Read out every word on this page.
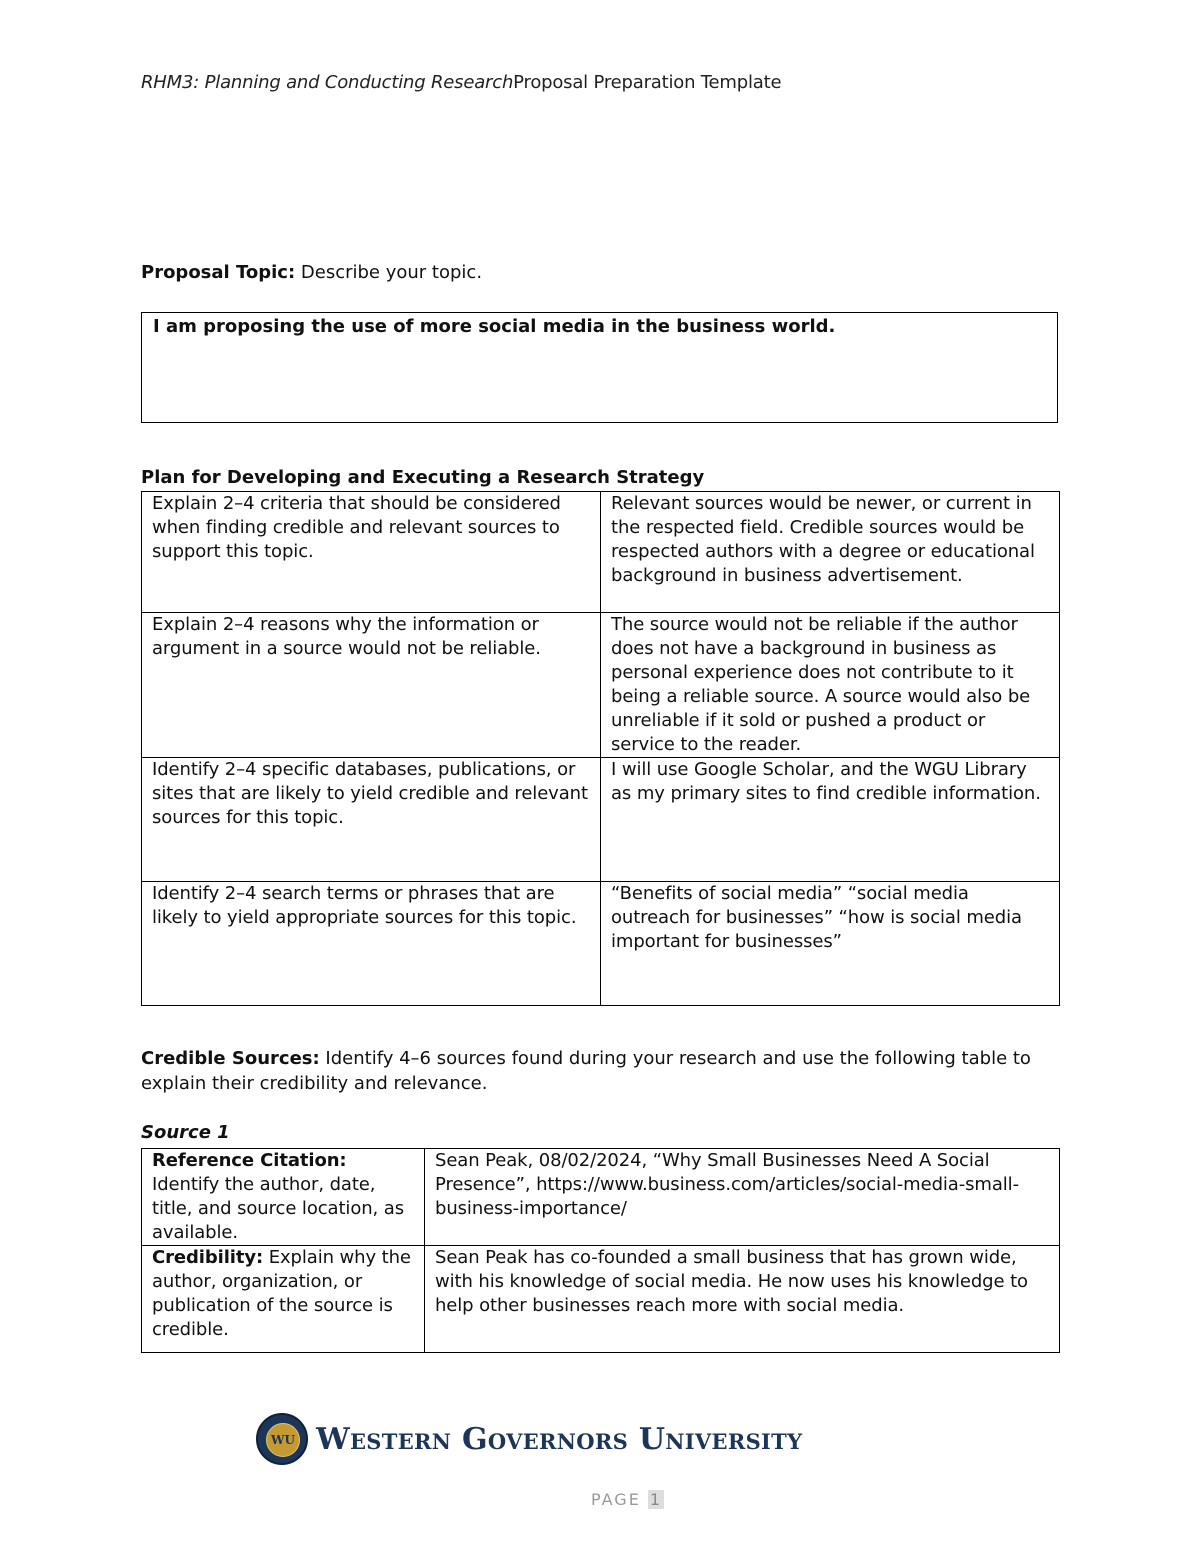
RHM3: Planning and Conducting ResearchProposal Preparation Template
Proposal Topic: Describe your topic.
I am proposing the use of more social media in the business world.
Plan for Developing and Executing a Research Strategy
Explain 2–4 criteria that should be considered when finding credible and relevant sources to support this topic.	Relevant sources would be newer, or current in the respected field. Credible sources would be respected authors with a degree or educational background in business advertisement.
Explain 2–4 reasons why the information or argument in a source would not be reliable.	The source would not be reliable if the author does not have a background in business as personal experience does not contribute to it being a reliable source. A source would also be unreliable if it sold or pushed a product or service to the reader.
Identify 2–4 specific databases, publications, or sites that are likely to yield credible and relevant sources for this topic.	I will use Google Scholar, and the WGU Library as my primary sites to find credible information.
Identify 2–4 search terms or phrases that are likely to yield appropriate sources for this topic.	“Benefits of social media” “social media outreach for businesses” “how is social media important for businesses”
Credible Sources: Identify 4–6 sources found during your research and use the following table to explain their credibility and relevance.
Source 1
Reference Citation:
Identify the author, date, title, and source location, as available.	Sean Peak, 08/02/2024, “Why Small Businesses Need A Social Presence”, https://www.business.com/articles/social-media-small-business-importance/
Credibility: Explain why the author, organization, or publication of the source is credible.	Sean Peak has co-founded a small business that has grown wide, with his knowledge of social media. He now uses his knowledge to help other businesses reach more with social media.
WU Western Governors University
PAGE 1
